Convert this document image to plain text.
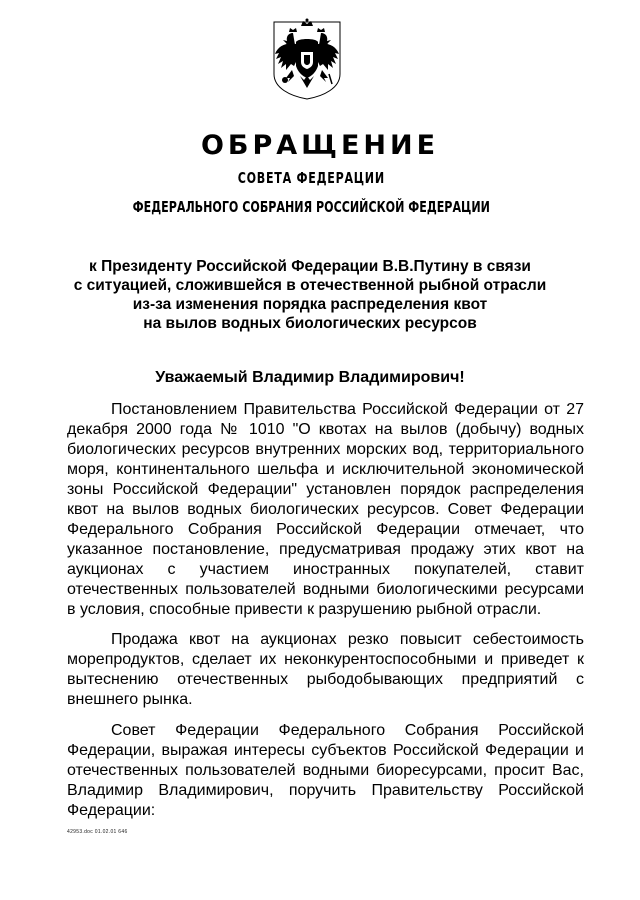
ОБРАЩЕНИЕ
СОВЕТА ФЕДЕРАЦИИ
ФЕДЕРАЛЬНОГО СОБРАНИЯ РОССИЙСКОЙ ФЕДЕРАЦИИ
к Президенту Российской Федерации В.В.Путину в связи
с ситуацией, сложившейся в отечественной рыбной отрасли
из-за изменения порядка распределения квот
на вылов водных биологических ресурсов
Уважаемый Владимир Владимирович!

Постановлением Правительства Российской Федерации от 27 декабря 2000 года № 1010 "О квотах на вылов (добычу) водных биологических ресурсов внутренних морских вод, территориального моря, континентального шельфа и исключительной экономической зоны Российской Федерации" установлен порядок распределения квот на вылов водных биологических ресурсов. Совет Федерации Федерального Собрания Российской Федерации отмечает, что указанное постановление, предусматривая продажу этих квот на аукционах с участием иностранных покупателей, ставит отечественных пользователей водными биологическими ресурсами в условия, способные привести к разрушению рыбной отрасли.

Продажа квот на аукционах резко повысит себестоимость морепродуктов, сделает их неконкурентоспособными и приведет к вытеснению отечественных рыбодобывающих предприятий с внешнего рынка.

Совет Федерации Федерального Собрания Российской Федерации, выражая интересы субъектов Российской Федерации и отечественных пользователей водными биоресурсами, просит Вас, Владимир Владимирович, поручить Правительству Российской Федерации:

42953.doc 01.02.01 646
